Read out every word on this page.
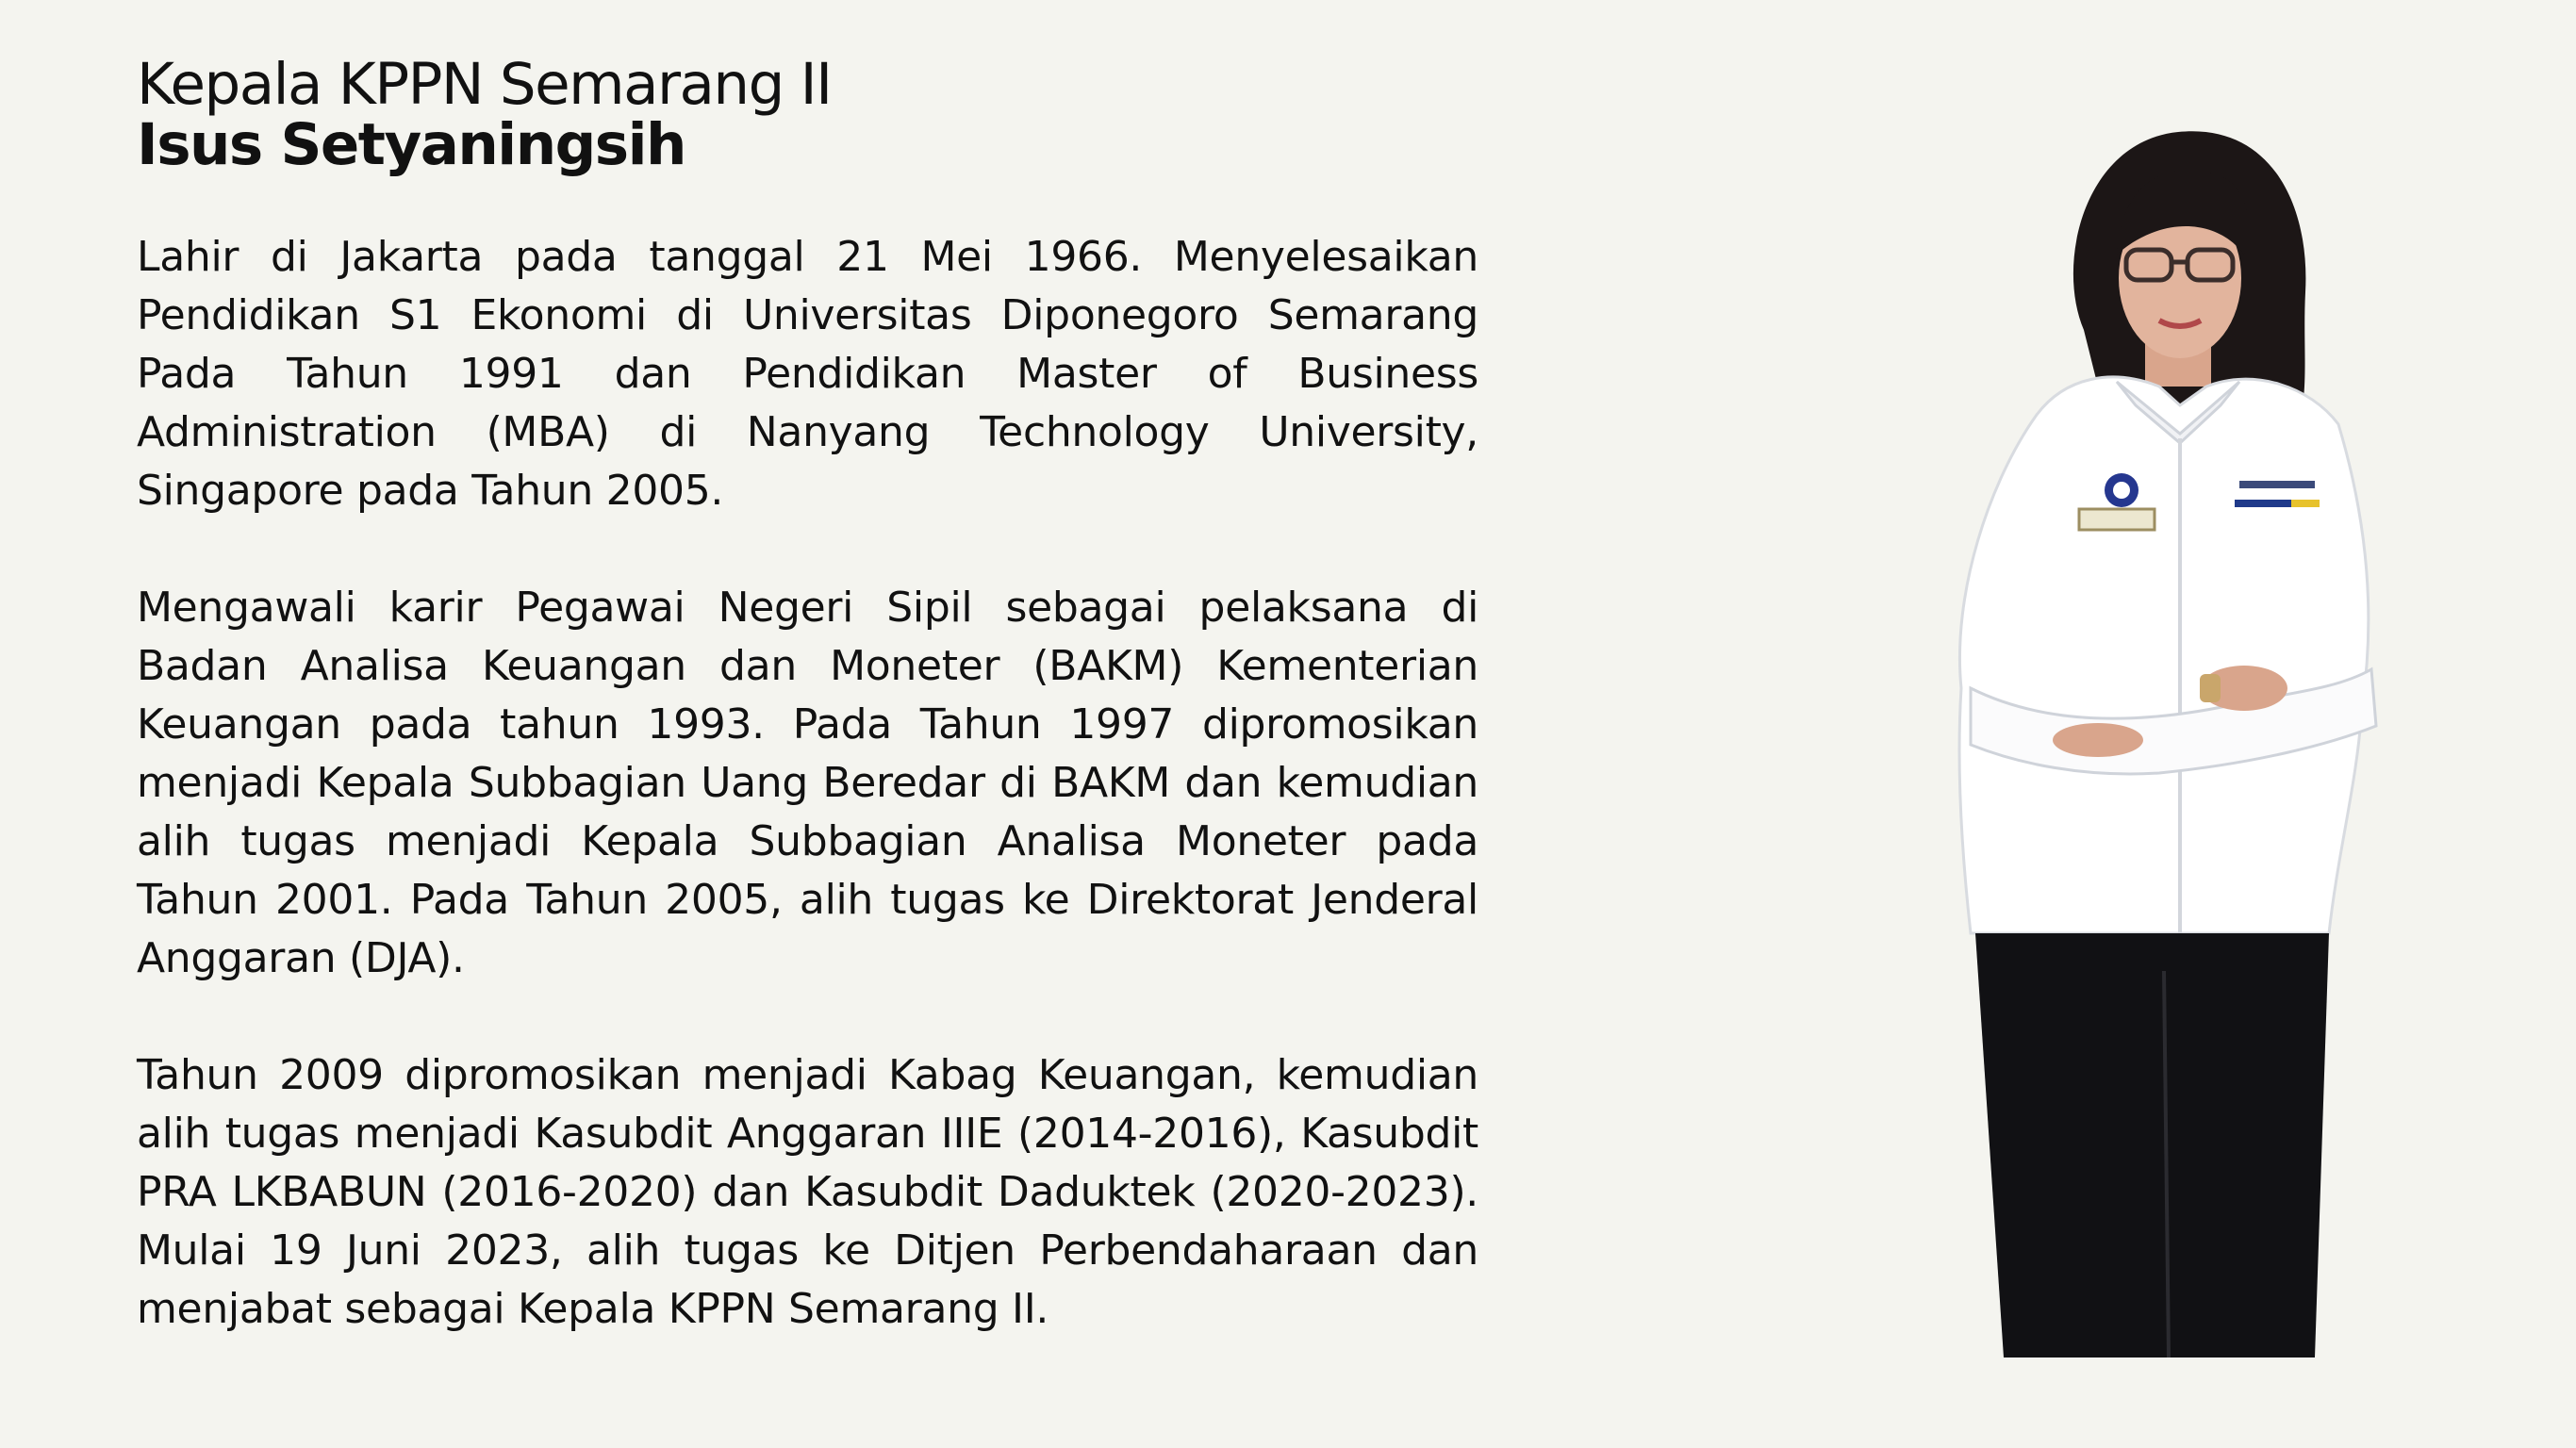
Kepala KPPN Semarang II
Isus Setyaningsih

Lahir di Jakarta pada tanggal 21 Mei 1966. Menyelesaikan Pendidikan S1 Ekonomi di Universitas Diponegoro Semarang Pada Tahun 1991 dan Pendidikan Master of Business Administration (MBA) di Nanyang Technology University, Singapore pada Tahun 2005.

Mengawali karir Pegawai Negeri Sipil sebagai pelaksana di Badan Analisa Keuangan dan Moneter (BAKM) Kementerian Keuangan pada tahun 1993. Pada Tahun 1997 dipromosikan menjadi Kepala Subbagian Uang Beredar di BAKM dan kemudian alih tugas menjadi Kepala Subbagian Analisa Moneter pada Tahun 2001. Pada Tahun 2005, alih tugas ke Direktorat Jenderal Anggaran (DJA).

Tahun 2009 dipromosikan menjadi Kabag Keuangan, kemudian alih tugas menjadi Kasubdit Anggaran IIIE (2014-2016), Kasubdit PRA LKBABUN (2016-2020) dan Kasubdit Daduktek (2020-2023). Mulai 19 Juni 2023, alih tugas ke Ditjen Perbendaharaan dan menjabat sebagai Kepala KPPN Semarang II.
